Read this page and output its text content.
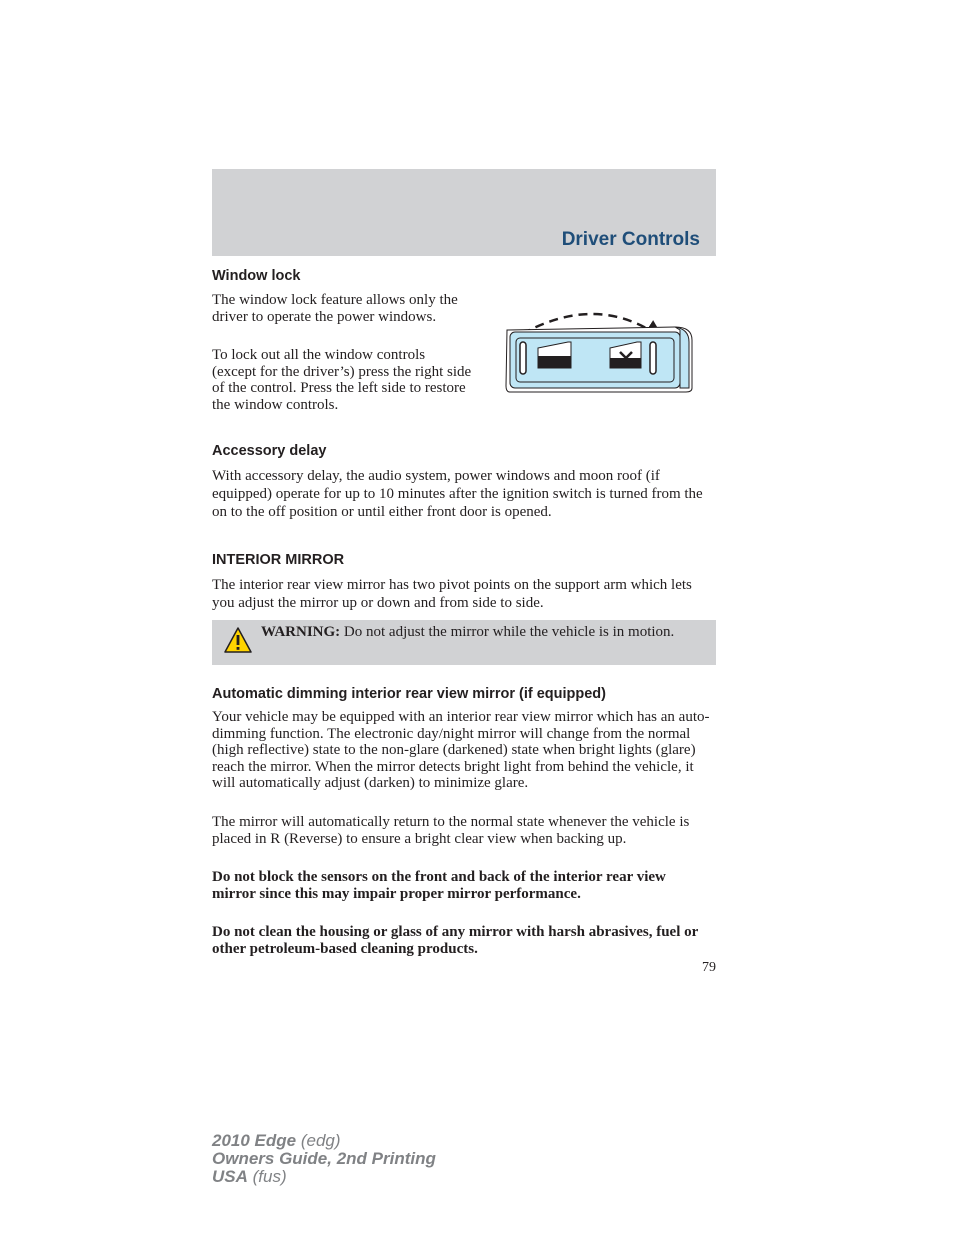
Driver Controls
Window lock

The window lock feature allows only the driver to operate the power windows.

To lock out all the window controls (except for the driver’s) press the right side of the control. Press the left side to restore the window controls.

Accessory delay

With accessory delay, the audio system, power windows and moon roof (if equipped) operate for up to 10 minutes after the ignition switch is turned from the on to the off position or until either front door is opened.

INTERIOR MIRROR

The interior rear view mirror has two pivot points on the support arm which lets you adjust the mirror up or down and from side to side.

WARNING: Do not adjust the mirror while the vehicle is in motion.

Automatic dimming interior rear view mirror (if equipped)

Your vehicle may be equipped with an interior rear view mirror which has an auto-dimming function. The electronic day/night mirror will change from the normal (high reflective) state to the non-glare (darkened) state when bright lights (glare) reach the mirror. When the mirror detects bright light from behind the vehicle, it will automatically adjust (darken) to minimize glare.

The mirror will automatically return to the normal state whenever the vehicle is placed in R (Reverse) to ensure a bright clear view when backing up.

Do not block the sensors on the front and back of the interior rear view mirror since this may impair proper mirror performance.

Do not clean the housing or glass of any mirror with harsh abrasives, fuel or other petroleum-based cleaning products.

79

2010 Edge (edg)
Owners Guide, 2nd Printing
USA (fus)
